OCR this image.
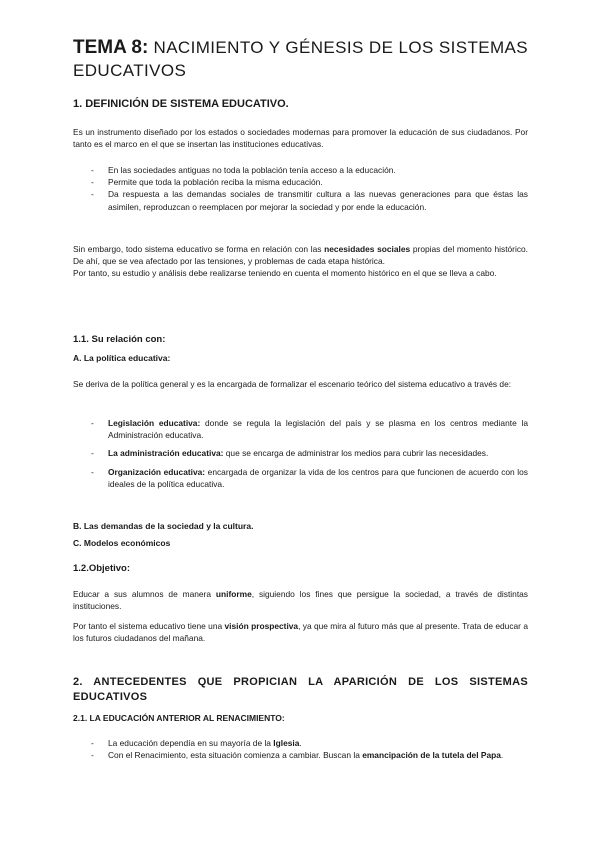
TEMA 8: NACIMIENTO Y GÉNESIS DE LOS SISTEMAS EDUCATIVOS
1. DEFINICIÓN DE SISTEMA EDUCATIVO.

Es un instrumento diseñado por los estados o sociedades modernas para promover la educación de sus ciudadanos. Por tanto es el marco en el que se insertan las instituciones educativas.

- En las sociedades antiguas no toda la población tenía acceso a la educación.
- Permite que toda la población reciba la misma educación.
- Da respuesta a las demandas sociales de transmitir cultura a las nuevas generaciones para que éstas las asimilen, reproduzcan o reemplacen por mejorar la sociedad y por ende la educación.

Sin embargo, todo sistema educativo se forma en relación con las necesidades sociales propias del momento histórico. De ahí, que se vea afectado por las tensiones, y problemas de cada etapa histórica.

Por tanto, su estudio y análisis debe realizarse teniendo en cuenta el momento histórico en el que se lleva a cabo.

1.1. Su relación con:
A. La política educativa:

Se deriva de la política general y es la encargada de formalizar el escenario teórico del sistema educativo a través de:

- Legislación educativa: donde se regula la legislación del país y se plasma en los centros mediante la Administración educativa.
- La administración educativa: que se encarga de administrar los medios para cubrir las necesidades.
- Organización educativa: encargada de organizar la vida de los centros para que funcionen de acuerdo con los ideales de la política educativa.
B. Las demandas de la sociedad y la cultura.
C. Modelos económicos
1.2.Objetivo:

Educar a sus alumnos de manera uniforme, siguiendo los fines que persigue la sociedad, a través de distintas instituciones.

Por tanto el sistema educativo tiene una visión prospectiva, ya que mira al futuro más que al presente. Trata de educar a los futuros ciudadanos del mañana.

2. ANTECEDENTES QUE PROPICIAN LA APARICIÓN DE LOS SISTEMAS EDUCATIVOS
2.1. LA EDUCACIÓN ANTERIOR AL RENACIMIENTO:
- La educación dependía en su mayoría de la Iglesia.
- Con el Renacimiento, esta situación comienza a cambiar. Buscan la emancipación de la tutela del Papa.
